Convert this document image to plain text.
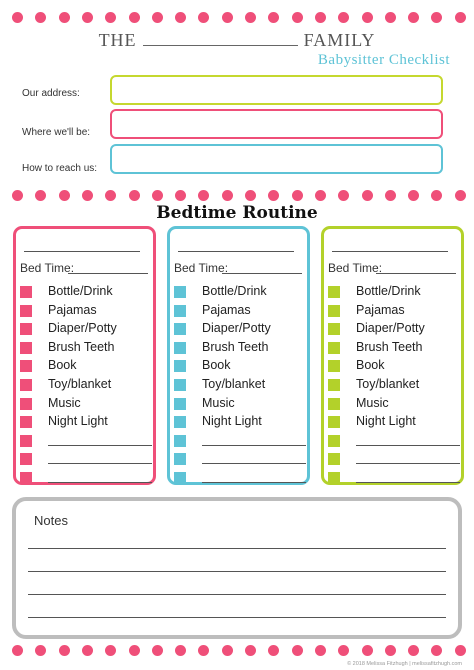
THE	FAMILY
Babysitter Checklist
Our address:
Where we'll be:
How to reach us:
Bedtime Routine
Bed Time:
Bottle/Drink
Pajamas
Diaper/Potty
Brush Teeth
Book
Toy/blanket
Music
Night Light
Bed Time:
Bottle/Drink
Pajamas
Diaper/Potty
Brush Teeth
Book
Toy/blanket
Music
Night Light
Bed Time:
Bottle/Drink
Pajamas
Diaper/Potty
Brush Teeth
Book
Toy/blanket
Music
Night Light
Notes
© 2018 Melissa Fitzhugh | melissafitzhugh.com
